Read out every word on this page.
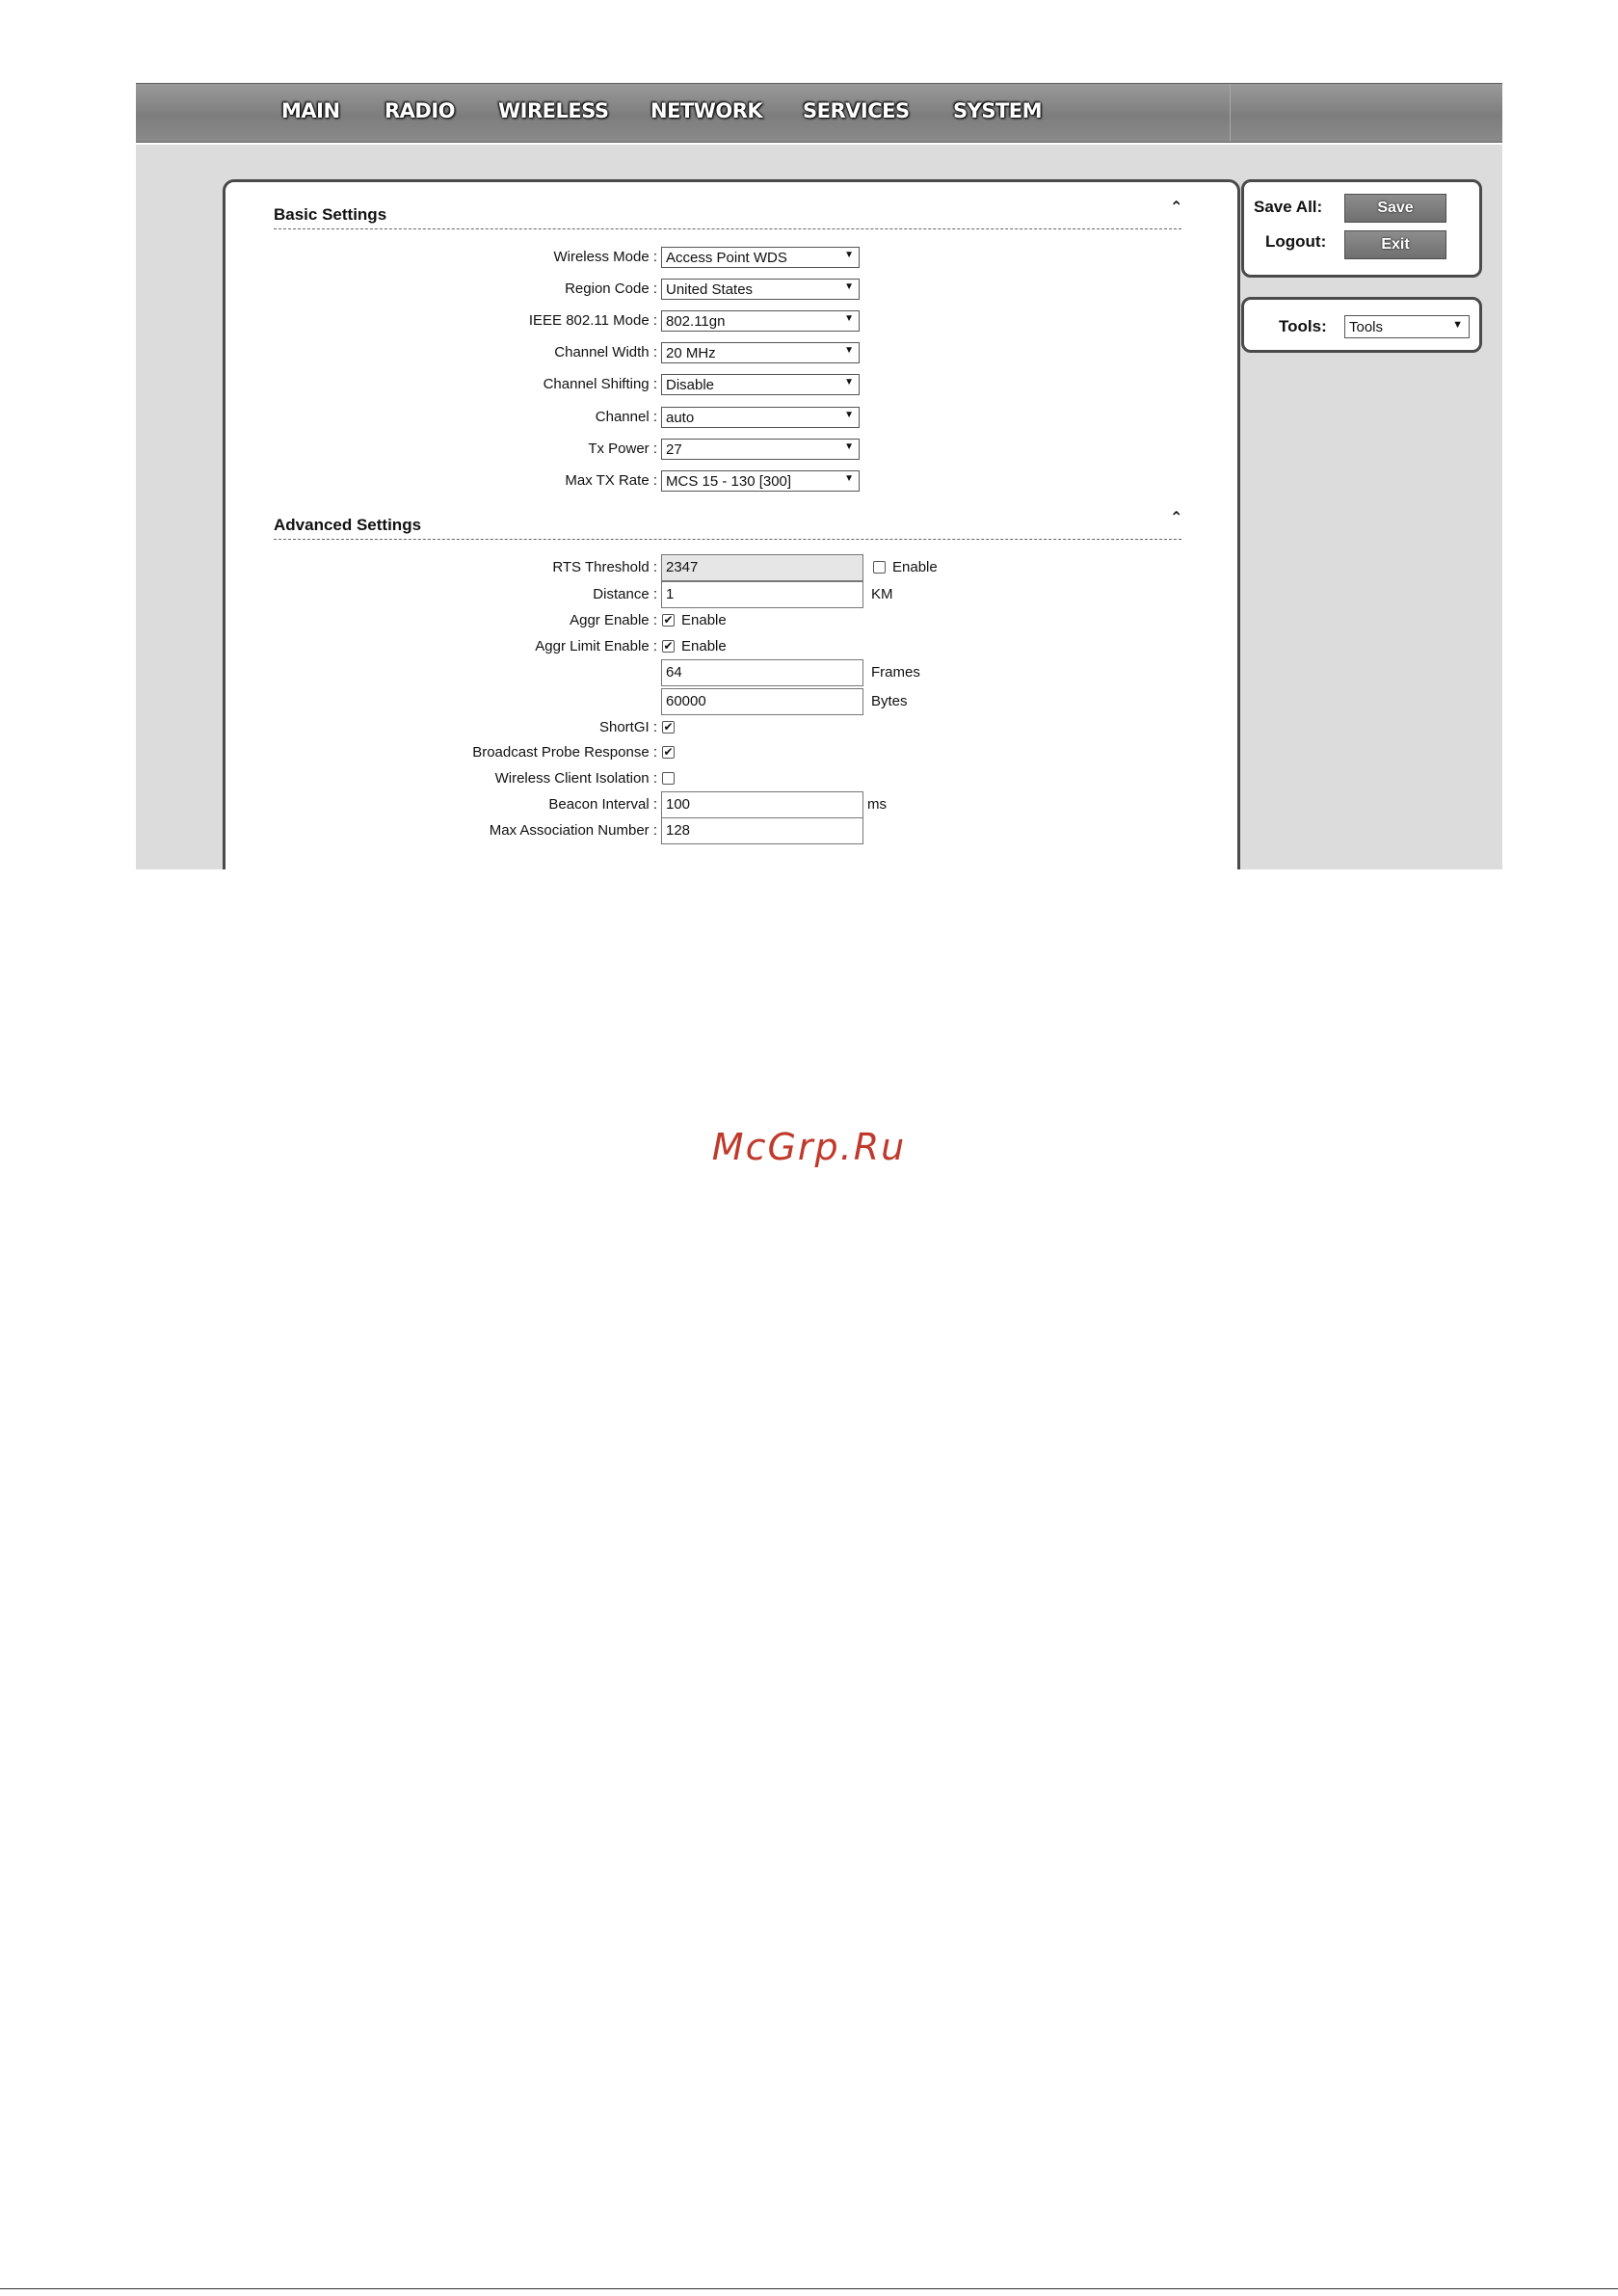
MAIN RADIO WIRELESS NETWORK SERVICES SYSTEM
Basic Settings	⌃
Wireless Mode : Access Point WDS	▼
Region Code : United States	▼
IEEE 802.11 Mode : 802.11gn	▼
Channel Width : 20 MHz	▼
Channel Shifting : Disable	▼
Channel : auto	▼
Tx Power : 27	▼
Max TX Rate : MCS 15 - 130 [300]	▼
Advanced Settings	⌃
RTS Threshold : 2347	Enable
Distance : 1	KM
Aggr Enable : ✔ Enable
Aggr Limit Enable : ✔ Enable
64	Frames
60000	Bytes
ShortGI : ✔
Broadcast Probe Response : ✔
Wireless Client Isolation :
Beacon Interval : 100	ms
Max Association Number : 128
Save All:	Save
Logout:	Exit
Tools:	Tools	▼
McGrp.Ru
